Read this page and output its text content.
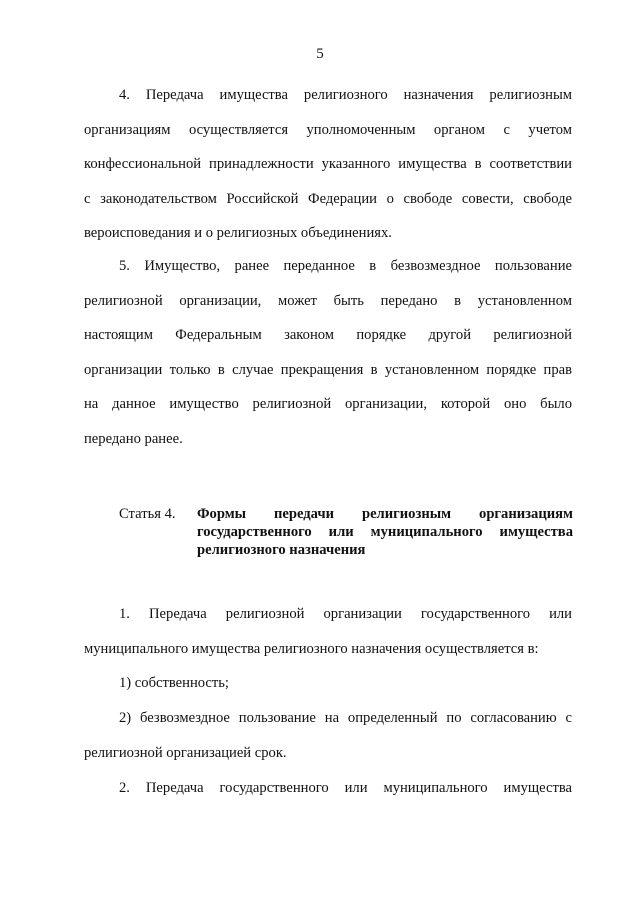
5
4. Передача имущества религиозного назначения религиозным
организациям осуществляется уполномоченным органом с учетом
конфессиональной принадлежности указанного имущества в соответствии
с законодательством Российской Федерации о свободе совести, свободе
вероисповедания и о религиозных объединениях.
5. Имущество, ранее переданное в безвозмездное пользование
религиозной организации, может быть передано в установленном
настоящим Федеральным законом порядке другой религиозной
организации только в случае прекращения в установленном порядке прав
на данное имущество религиозной организации, которой оно было
передано ранее.
Статья 4. Формы передачи религиозным организациям
государственного или муниципального имущества
религиозного назначения
1. Передача религиозной организации государственного или
муниципального имущества религиозного назначения осуществляется в:
1) собственность;
2) безвозмездное пользование на определенный по согласованию с
религиозной организацией срок.
2. Передача государственного или муниципального имущества
